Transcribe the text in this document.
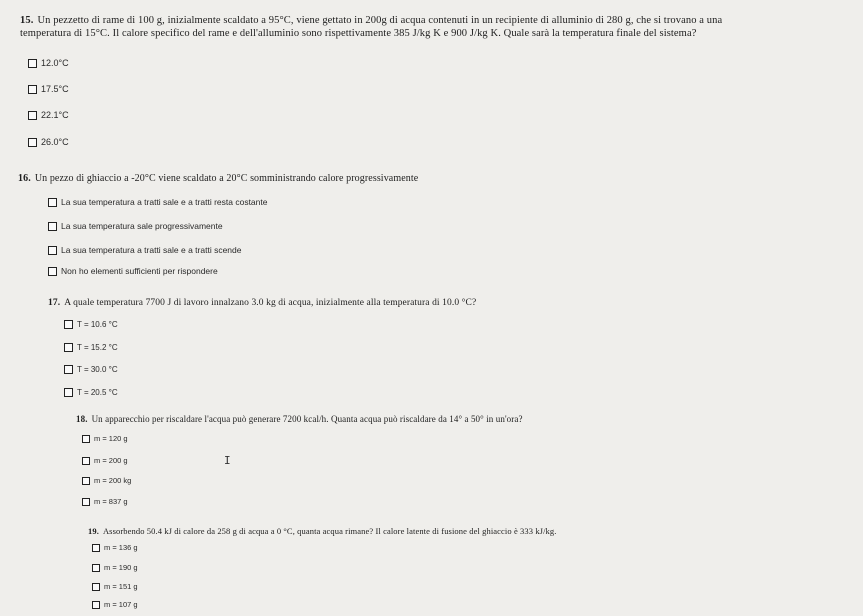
15. Un pezzetto di rame di 100 g, inizialmente scaldato a 95°C, viene gettato in 200g di acqua contenuti in un recipiente di alluminio di 280 g, che si trovano a una
temperatura di 15°C. Il calore specifico del rame e dell'alluminio sono rispettivamente 385 J/kg K e 900 J/kg K. Quale sarà la temperatura finale del sistema?
12.0°C
17.5°C
22.1°C
26.0°C
16. Un pezzo di ghiaccio a -20°C viene scaldato a 20°C somministrando calore progressivamente
La sua temperatura a tratti sale e a tratti resta costante
La sua temperatura sale progressivamente
La sua temperatura a tratti sale e a tratti scende
Non ho elementi sufficienti per rispondere
17. A quale temperatura 7700 J di lavoro innalzano 3.0 kg di acqua, inizialmente alla temperatura di 10.0 °C?
T = 10.6 °C
T = 15.2 °C
T = 30.0 °C
T = 20.5 °C
18. Un apparecchio per riscaldare l'acqua può generare 7200 kcal/h. Quanta acqua può riscaldare da 14° a 50° in un'ora?
m = 120 g
m = 200 g
m = 200 kg
m = 837 g
I
19. Assorbendo 50.4 kJ di calore da 258 g di acqua a 0 °C, quanta acqua rimane? Il calore latente di fusione del ghiaccio è 333 kJ/kg.
m = 136 g
m = 190 g
m = 151 g
m = 107 g
